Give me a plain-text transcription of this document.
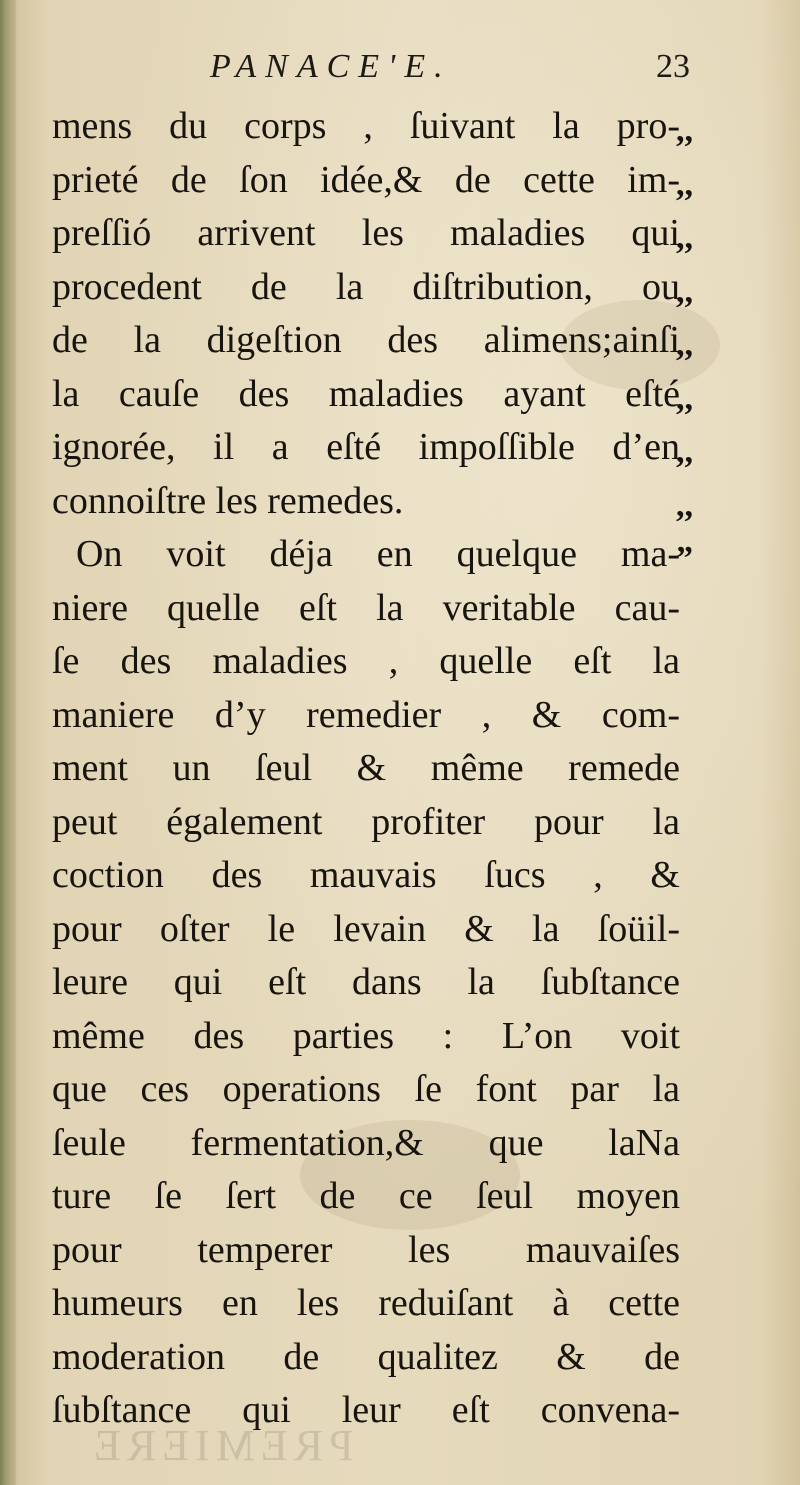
PANACE'E.	23
mens du corps , ſuivant la pro-
prieté de ſon idée,& de cette im-
preſſió arrivent les maladies qui
procedent de la diſtribution, ou
de la digeſtion des alimens;ainſi
la cauſe des maladies ayant eſté
ignorée, il a eſté impoſſible d’en
connoiſtre les remedes.
On voit déja en quelque ma-
niere quelle eſt la veritable cau-
ſe des maladies , quelle eſt la
maniere d’y remedier , & com-
ment un ſeul & même remede
peut également profiter pour la
coction des mauvais ſucs , &
pour oſter le levain & la ſoüil-
leure qui eſt dans la ſubſtance
même des parties : L’on voit
que ces operations ſe font par la
ſeule fermentation,& que laNa
ture ſe ſert de ce ſeul moyen
pour temperer les mauvaiſes
humeurs en les reduiſant à cette
moderation de qualitez & de
ſubſtance qui leur eſt convena-
,,
,,
,,
,,
,,
,,
,,
,,
”
PREMIERE
